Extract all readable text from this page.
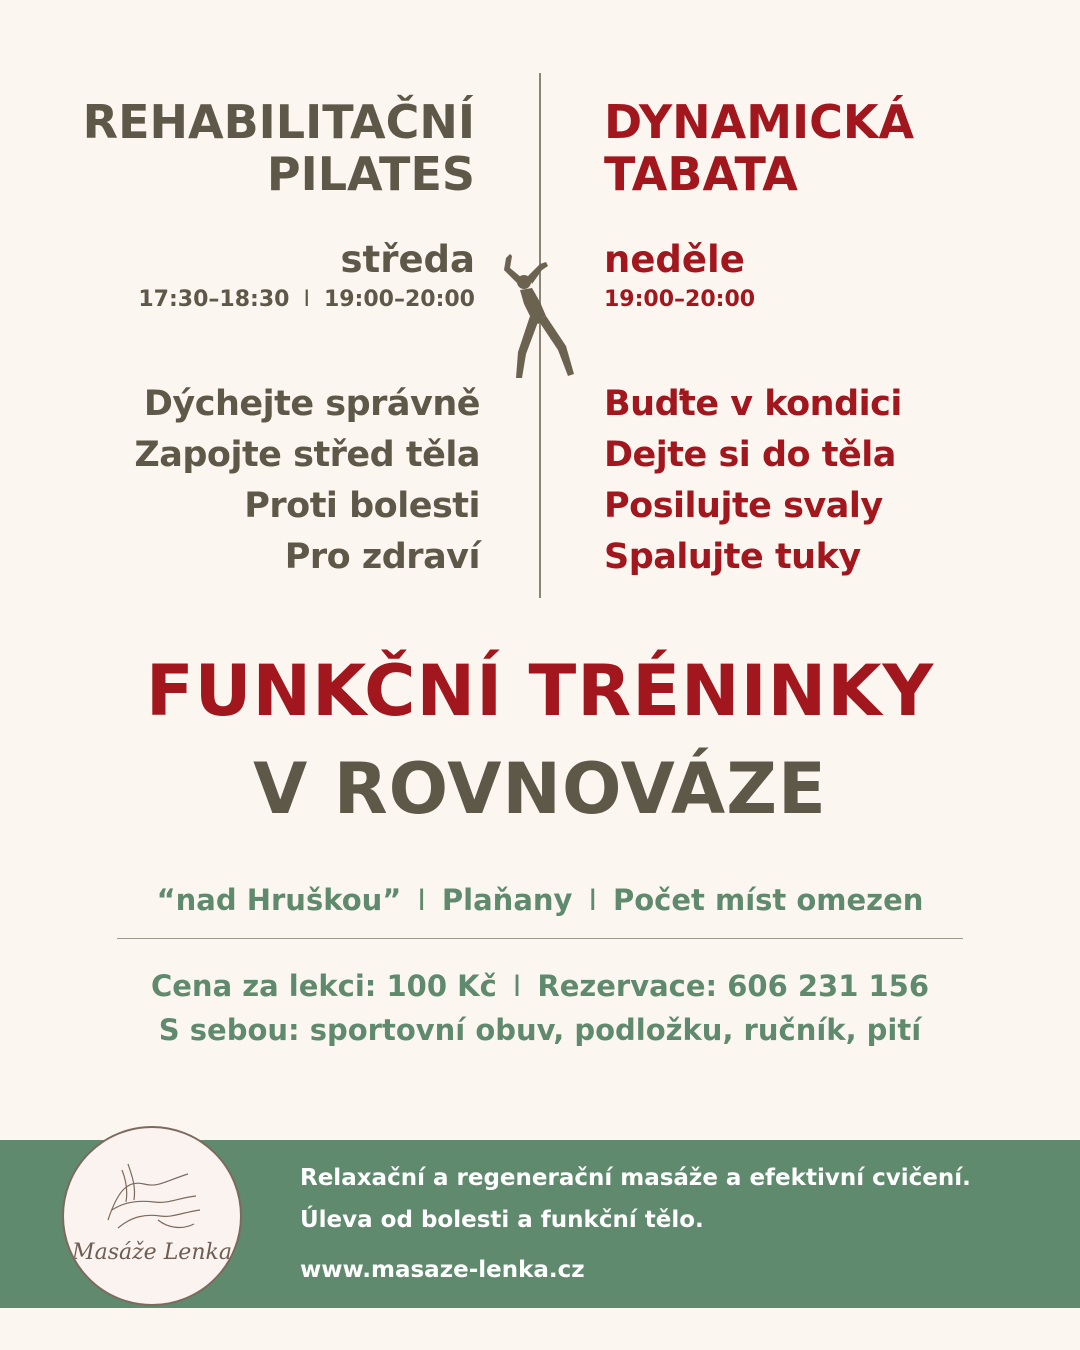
REHABILITAČNÍ
PILATES
středa
17:30–18:30 I 19:00–20:00
Dýchejte správně
Zapojte střed těla
Proti bolesti
Pro zdraví
DYNAMICKÁ
TABATA
neděle
19:00–20:00
Buďte v kondici
Dejte si do těla
Posilujte svaly
Spalujte tuky
FUNKČNÍ TRÉNINKY
V ROVNOVÁZE
“nad Hruškou” I Plaňany I Počet míst omezen
Cena za lekci: 100 Kč I Rezervace: 606 231 156
S sebou: sportovní obuv, podložku, ručník, pití
Masáže Lenka
Relaxační a regenerační masáže a efektivní cvičení.
Úleva od bolesti a funkční tělo.
www.masaze-lenka.cz
